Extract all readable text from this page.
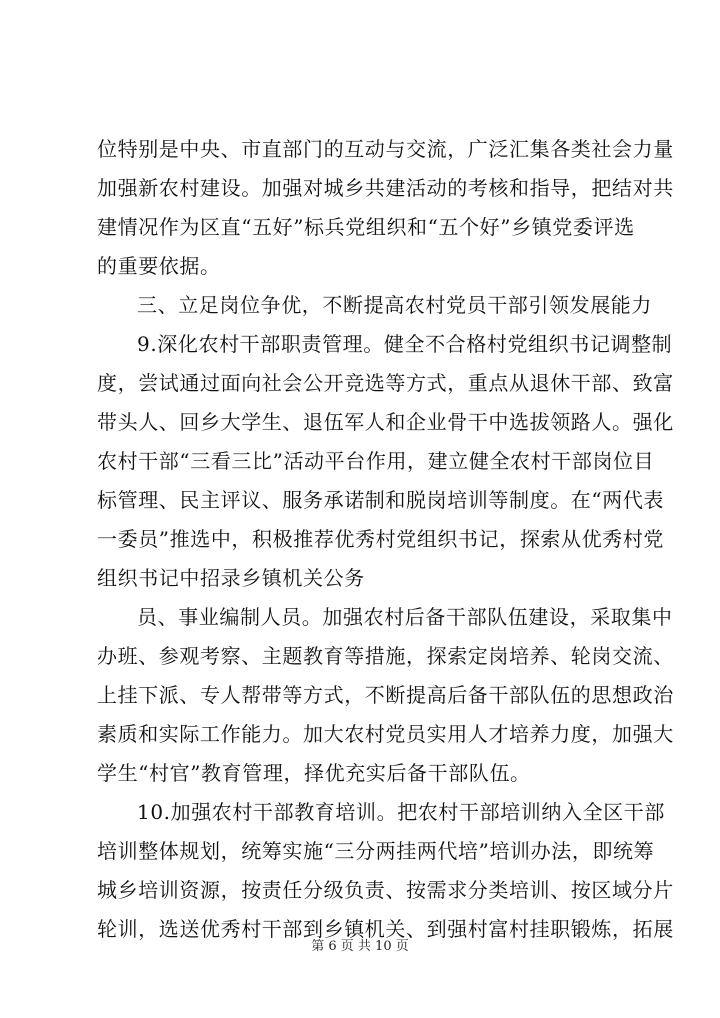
位特别是中央、市直部门的互动与交流，广泛汇集各类社会力量
加强新农村建设。加强对城乡共建活动的考核和指导，把结对共
建情况作为区直“五好”标兵党组织和“五个好”乡镇党委评选
的重要依据。
三、立足岗位争优，不断提高农村党员干部引领发展能力
9.深化农村干部职责管理。健全不合格村党组织书记调整制
度，尝试通过面向社会公开竞选等方式，重点从退休干部、致富
带头人、回乡大学生、退伍军人和企业骨干中选拔领路人。强化
农村干部“三看三比”活动平台作用，建立健全农村干部岗位目
标管理、民主评议、服务承诺制和脱岗培训等制度。在“两代表
一委员”推选中，积极推荐优秀村党组织书记，探索从优秀村党
组织书记中招录乡镇机关公务
员、事业编制人员。加强农村后备干部队伍建设，采取集中
办班、参观考察、主题教育等措施，探索定岗培养、轮岗交流、
上挂下派、专人帮带等方式，不断提高后备干部队伍的思想政治
素质和实际工作能力。加大农村党员实用人才培养力度，加强大
学生“村官”教育管理，择优充实后备干部队伍。
10.加强农村干部教育培训。把农村干部培训纳入全区干部
培训整体规划，统筹实施“三分两挂两代培”培训办法，即统筹
城乡培训资源，按责任分级负责、按需求分类培训、按区域分片
轮训，选送优秀村干部到乡镇机关、到强村富村挂职锻炼，拓展
第 6 页 共 10 页
